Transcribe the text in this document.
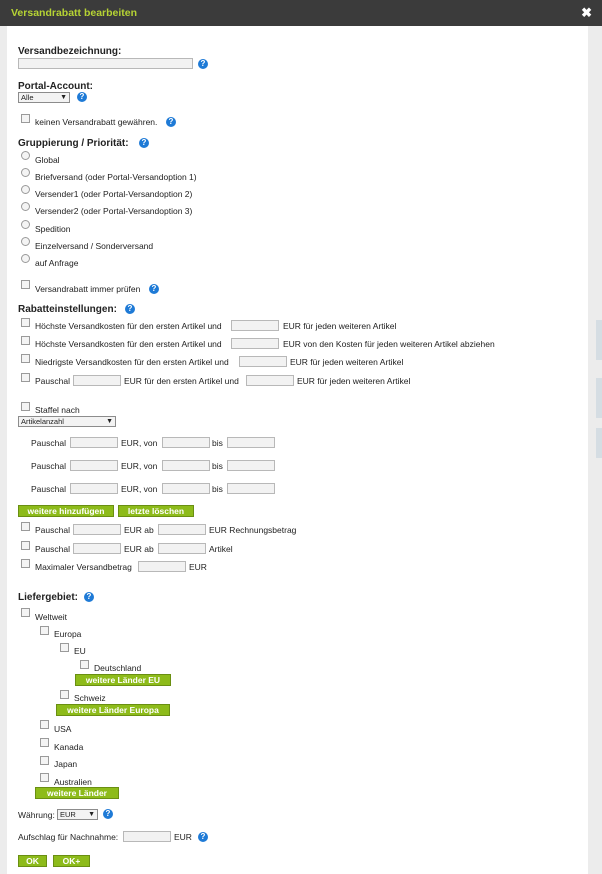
Versandrabatt bearbeiten	✖
Versandbezeichnung:
?
Portal-Account:
Alle	▼	?
keinen Versandrabatt gewähren.	?
Gruppierung / Priorität:	?
Global
Briefversand (oder Portal-Versandoption 1)
Versender1 (oder Portal-Versandoption 2)
Versender2 (oder Portal-Versandoption 3)
Spedition
Einzelversand / Sonderversand
auf Anfrage
Versandrabatt immer prüfen	?
Rabatteinstellungen:	?
Höchste Versandkosten für den ersten Artikel und	EUR für jeden weiteren Artikel
Höchste Versandkosten für den ersten Artikel und	EUR von den Kosten für jeden weiteren Artikel abziehen
Niedrigste Versandkosten für den ersten Artikel und	EUR für jeden weiteren Artikel
Pauschal	EUR für den ersten Artikel und	EUR für jeden weiteren Artikel
Staffel nach
Artikelanzahl	▼
Pauschal	EUR, von	bis
Pauschal	EUR, von	bis
Pauschal	EUR, von	bis
weitere hinzufügen	letzte löschen
Pauschal	EUR ab	EUR Rechnungsbetrag
Pauschal	EUR ab	Artikel
Maximaler Versandbetrag	EUR
Liefergebiet:	?
Weltweit
Europa
EU
Deutschland
weitere Länder EU
Schweiz
weitere Länder Europa
USA
Kanada
Japan
Australien
weitere Länder
Währung: EUR ▼	?
Aufschlag für Nachnahme:	EUR	?
OK	OK+
